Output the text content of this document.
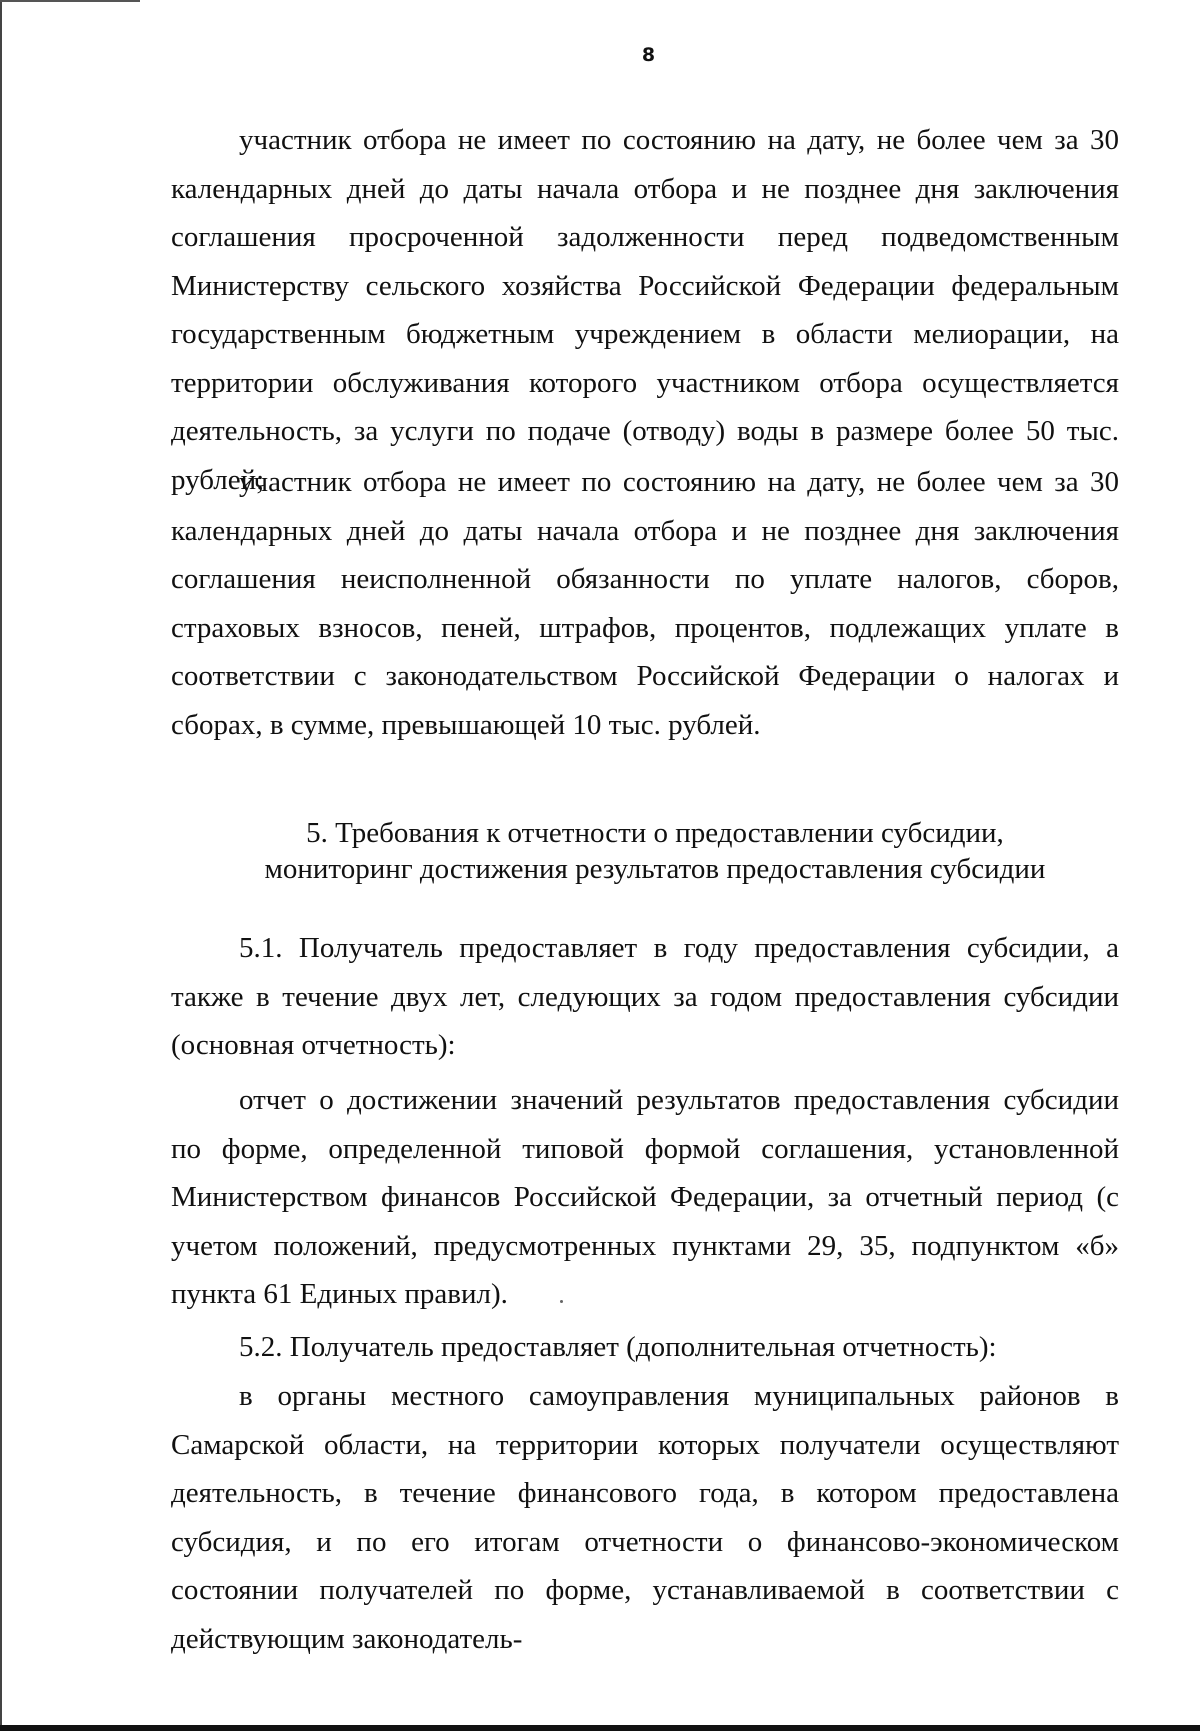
8

участник отбора не имеет по состоянию на дату, не более чем за 30 календарных дней до даты начала отбора и не позднее дня заключения соглашения просроченной задолженности перед подведомственным Министерству сельского хозяйства Российской Федерации федеральным государственным бюджетным учреждением в области мелиорации, на территории обслуживания которого участником отбора осуществляется деятельность, за услуги по подаче (отводу) воды в размере более 50 тыс. рублей;

участник отбора не имеет по состоянию на дату, не более чем за 30 календарных дней до даты начала отбора и не позднее дня заключения соглашения неисполненной обязанности по уплате налогов, сборов, страховых взносов, пеней, штрафов, процентов, подлежащих уплате в соответствии с законодательством Российской Федерации о налогах и сборах, в сумме, превышающей 10 тыс. рублей.

5. Требования к отчетности о предоставлении субсидии, мониторинг достижения результатов предоставления субсидии

5.1. Получатель предоставляет в году предоставления субсидии, а также в течение двух лет, следующих за годом предоставления субсидии (основная отчетность):

отчет о достижении значений результатов предоставления субсидии по форме, определенной типовой формой соглашения, установленной Министерством финансов Российской Федерации, за отчетный период (с учетом положений, предусмотренных пунктами 29, 35, подпунктом «б» пункта 61 Единых правил).

5.2. Получатель предоставляет (дополнительная отчетность):

в органы местного самоуправления муниципальных районов в Самарской области, на территории которых получатели осуществляют деятельность, в течение финансового года, в котором предоставлена субсидия, и по его итогам отчетности о финансово-экономическом состоянии получателей по форме, устанавливаемой в соответствии с действующим законодатель-
